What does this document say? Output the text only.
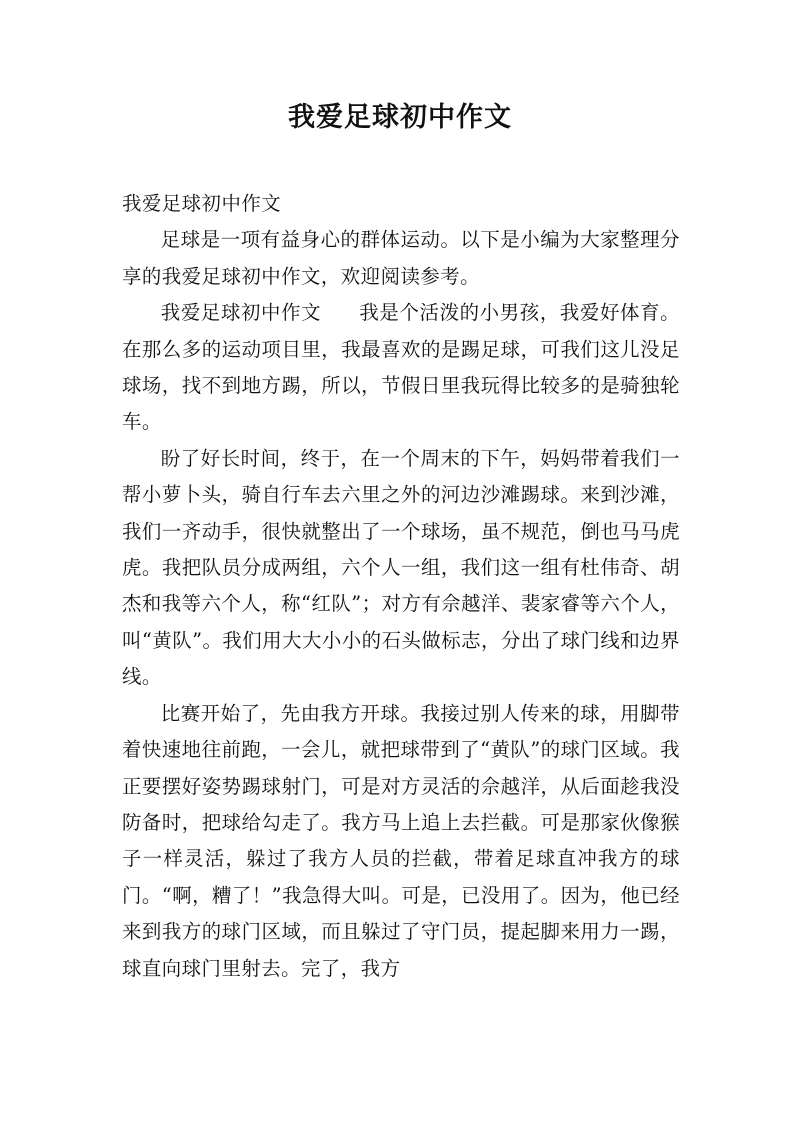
我爱足球初中作文

我爱足球初中作文

足球是一项有益身心的群体运动。以下是小编为大家整理分享的我爱足球初中作文，欢迎阅读参考。

我爱足球初中作文 我是个活泼的小男孩，我爱好体育。在那么多的运动项目里，我最喜欢的是踢足球，可我们这儿没足球场，找不到地方踢，所以，节假日里我玩得比较多的是骑独轮车。

盼了好长时间，终于，在一个周末的下午，妈妈带着我们一帮小萝卜头，骑自行车去六里之外的河边沙滩踢球。来到沙滩，我们一齐动手，很快就整出了一个球场，虽不规范，倒也马马虎虎。我把队员分成两组，六个人一组，我们这一组有杜伟奇、胡杰和我等六个人，称“红队”；对方有佘越洋、裴家睿等六个人，叫“黄队”。我们用大大小小的石头做标志，分出了球门线和边界线。

比赛开始了，先由我方开球。我接过别人传来的球，用脚带着快速地往前跑，一会儿，就把球带到了“黄队”的球门区域。我正要摆好姿势踢球射门，可是对方灵活的佘越洋，从后面趁我没防备时，把球给勾走了。我方马上追上去拦截。可是那家伙像猴子一样灵活，躲过了我方人员的拦截，带着足球直冲我方的球门。“啊，糟了！”我急得大叫。可是，已没用了。因为，他已经来到我方的球门区域，而且躲过了守门员，提起脚来用力一踢，球直向球门里射去。完了，我方
